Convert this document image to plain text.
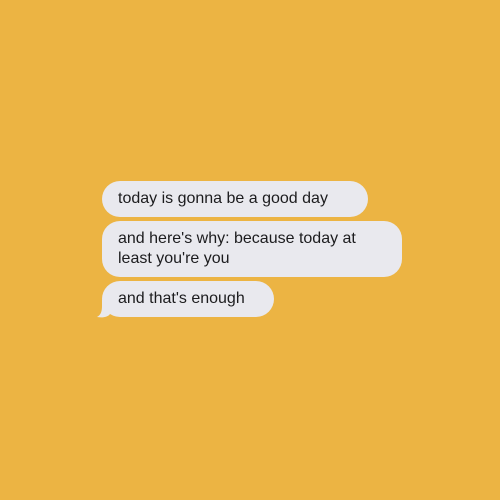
today is gonna be a good day
and here's why: because today at
least you're you
and that's enough
